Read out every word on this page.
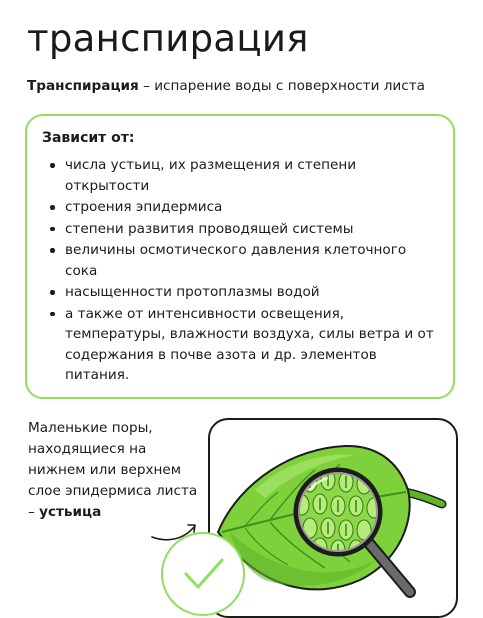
транспирация
Транспирация – испарение воды с поверхности листа
Зависит от:
числа устьиц, их размещения и степени открытости
строения эпидермиса
степени развития проводящей системы
величины осмотического давления клеточного сока
насыщенности протоплазмы водой
а также от интенсивности освещения, температуры, влажности воздуха, силы ветра и от содержания в почве азота и др. элементов питания.
Маленькие поры, находящиеся на нижнем или верхнем слое эпидермиса листа – устьица
